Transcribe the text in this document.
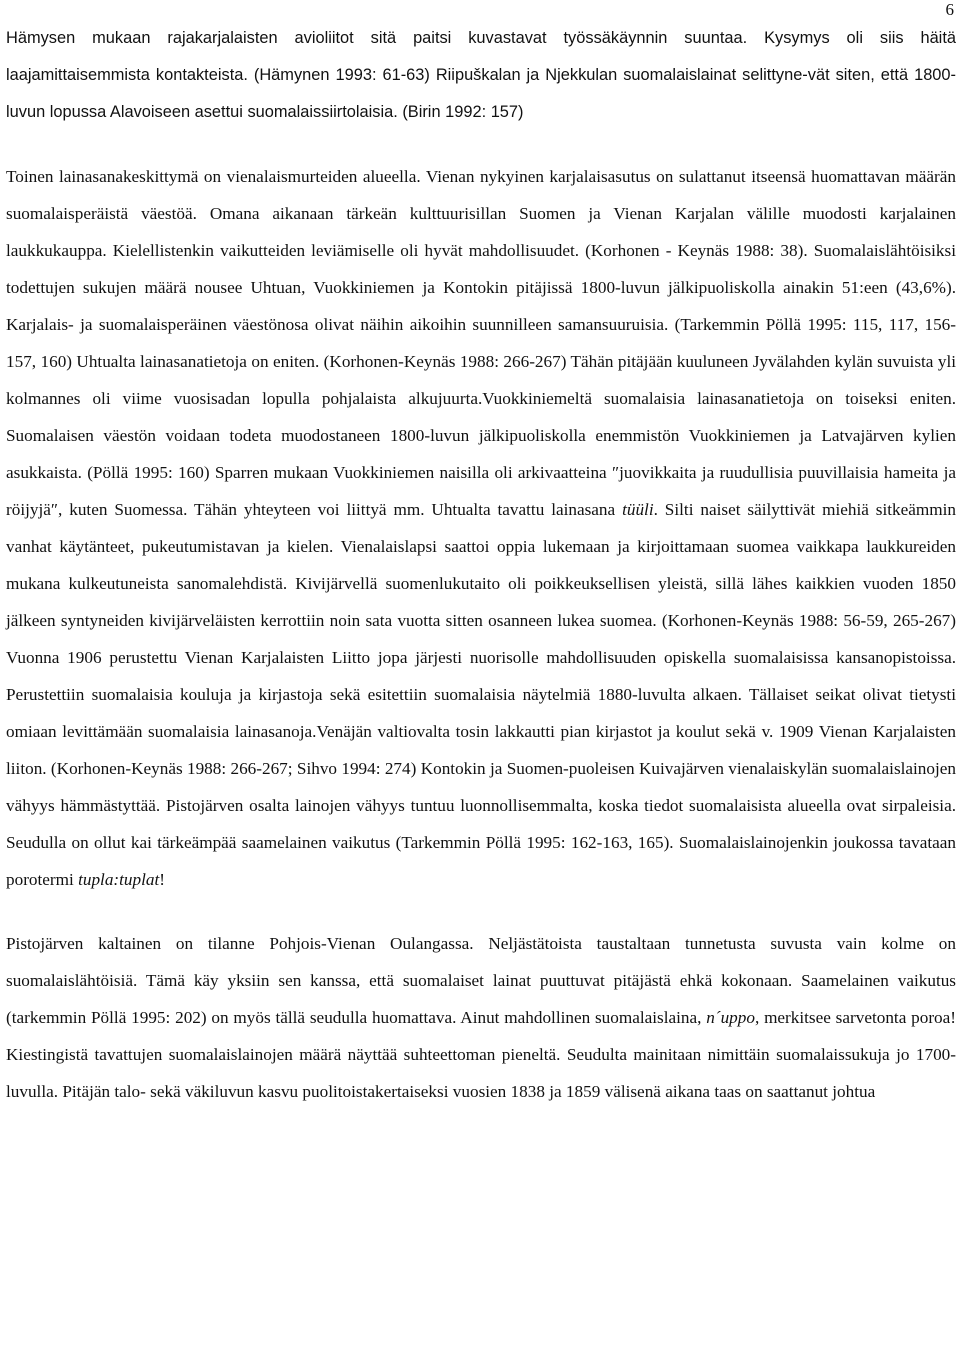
6

Hämysen mukaan rajakarjalaisten avioliitot sitä paitsi kuvastavat työssäkäynnin suuntaa. Kysymys oli siis häitä laajamittaisemmista kontakteista. (Hämynen 1993: 61-63) Riipuškalan ja Njekkulan suomalaislainat selittyne-vät siten, että 1800-luvun lopussa Alavoiseen asettui suomalaissiirtolaisia. (Birin 1992: 157)

Toinen lainasanakeskittymä on vienalaismurteiden alueella. Vienan nykyinen karjalaisasutus on sulattanut itseensä huomattavan määrän suomalaisperäistä väestöä. Omana aikanaan tärkeän kulttuurisillan Suomen ja Vienan Karjalan välille muodosti karjalainen laukkukauppa. Kielellistenkin vaikutteiden leviämiselle oli hyvät mahdollisuudet. (Korhonen - Keynäs 1988: 38). Suomalaislähtöisiksi todettujen sukujen määrä nousee Uhtuan, Vuokkiniemen ja Kontokin pitäjissä 1800-luvun jälkipuoliskolla ainakin 51:een (43,6%). Karjalais- ja suomalaisperäinen väestönosa olivat näihin aikoihin suunnilleen samansuuruisia. (Tarkemmin Pöllä 1995: 115, 117, 156-157, 160) Uhtualta lainasanatietoja on eniten. (Korhonen-Keynäs 1988: 266-267) Tähän pitäjään kuuluneen Jyvälahden kylän suvuista yli kolmannes oli viime vuosisadan lopulla pohjalaista alkujuurta.Vuokkiniemeltä suomalaisia lainasanatietoja on toiseksi eniten. Suomalaisen väestön voidaan todeta muodostaneen 1800-luvun jälkipuoliskolla enemmistön Vuokkiniemen ja Latvajärven kylien asukkaista. (Pöllä 1995: 160) Sparren mukaan Vuokkiniemen naisilla oli arkivaatteina ″juovikkaita ja ruudullisia puuvillaisia hameita ja röijyjä″, kuten Suomessa. Tähän yhteyteen voi liittyä mm. Uhtualta tavattu lainasana tüüli. Silti naiset säilyttivät miehiä sitkeämmin vanhat käytänteet, pukeutumistavan ja kielen. Vienalaislapsi saattoi oppia lukemaan ja kirjoittamaan suomea vaikkapa laukkureiden mukana kulkeutuneista sanomalehdistä. Kivijärvellä suomenlukutaito oli poikkeuksellisen yleistä, sillä lähes kaikkien vuoden 1850 jälkeen syntyneiden kivijärveläisten kerrottiin noin sata vuotta sitten osanneen lukea suomea. (Korhonen-Keynäs 1988: 56-59, 265-267) Vuonna 1906 perustettu Vienan Karjalaisten Liitto jopa järjesti nuorisolle mahdollisuuden opiskella suomalaisissa kansanopistoissa. Perustettiin suomalaisia kouluja ja kirjastoja sekä esitettiin suomalaisia näytelmiä 1880-luvulta alkaen. Tällaiset seikat olivat tietysti omiaan levittämään suomalaisia lainasanoja.Venäjän valtiovalta tosin lakkautti pian kirjastot ja koulut sekä v. 1909 Vienan Karjalaisten liiton. (Korhonen-Keynäs 1988: 266-267; Sihvo 1994: 274) Kontokin ja Suomen-puoleisen Kuivajärven vienalaiskylän suomalaislainojen vähyys hämmästyttää. Pistojärven osalta lainojen vähyys tuntuu luonnollisemmalta, koska tiedot suomalaisista alueella ovat sirpaleisia. Seudulla on ollut kai tärkeämpää saamelainen vaikutus (Tarkemmin Pöllä 1995: 162-163, 165). Suomalaislainojenkin joukossa tavataan porotermi tupla:tuplat!

Pistojärven kaltainen on tilanne Pohjois-Vienan Oulangassa. Neljästätoista taustaltaan tunnetusta suvusta vain kolme on suomalaislähtöisiä. Tämä käy yksiin sen kanssa, että suomalaiset lainat puuttuvat pitäjästä ehkä kokonaan. Saamelainen vaikutus (tarkemmin Pöllä 1995: 202) on myös tällä seudulla huomattava. Ainut mahdollinen suomalaislaina, n´uppo, merkitsee sarvetonta poroa! Kiestingistä tavattujen suomalaislainojen määrä näyttää suhteettoman pieneltä. Seudulta mainitaan nimittäin suomalaissukuja jo 1700-luvulla. Pitäjän talo- sekä väkiluvun kasvu puolitoistakertaiseksi vuosien 1838 ja 1859 välisenä aikana taas on saattanut johtua
